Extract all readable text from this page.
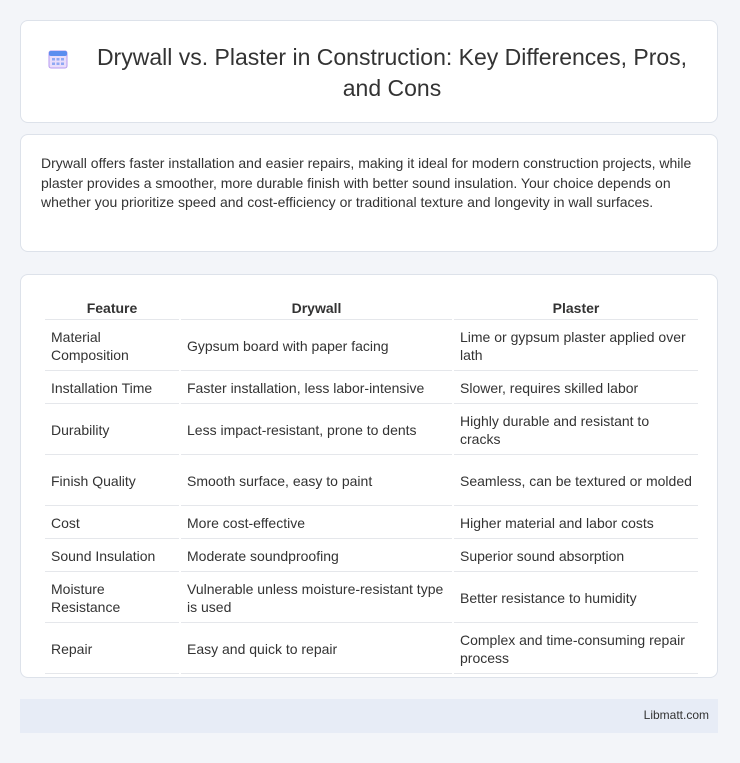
Drywall vs. Plaster in Construction: Key Differences, Pros, and Cons

Drywall offers faster installation and easier repairs, making it ideal for modern construction projects, while plaster provides a smoother, more durable finish with better sound insulation. Your choice depends on whether you prioritize speed and cost-efficiency or traditional texture and longevity in wall surfaces.

Feature	Drywall	Plaster
Material Composition	Gypsum board with paper facing	Lime or gypsum plaster applied over lath
Installation Time	Faster installation, less labor-intensive	Slower, requires skilled labor
Durability	Less impact-resistant, prone to dents	Highly durable and resistant to cracks
Finish Quality	Smooth surface, easy to paint	Seamless, can be textured or molded
Cost	More cost-effective	Higher material and labor costs
Sound Insulation	Moderate soundproofing	Superior sound absorption
Moisture Resistance	Vulnerable unless moisture-resistant type is used	Better resistance to humidity
Repair	Easy and quick to repair	Complex and time-consuming repair process
Libmatt.com
